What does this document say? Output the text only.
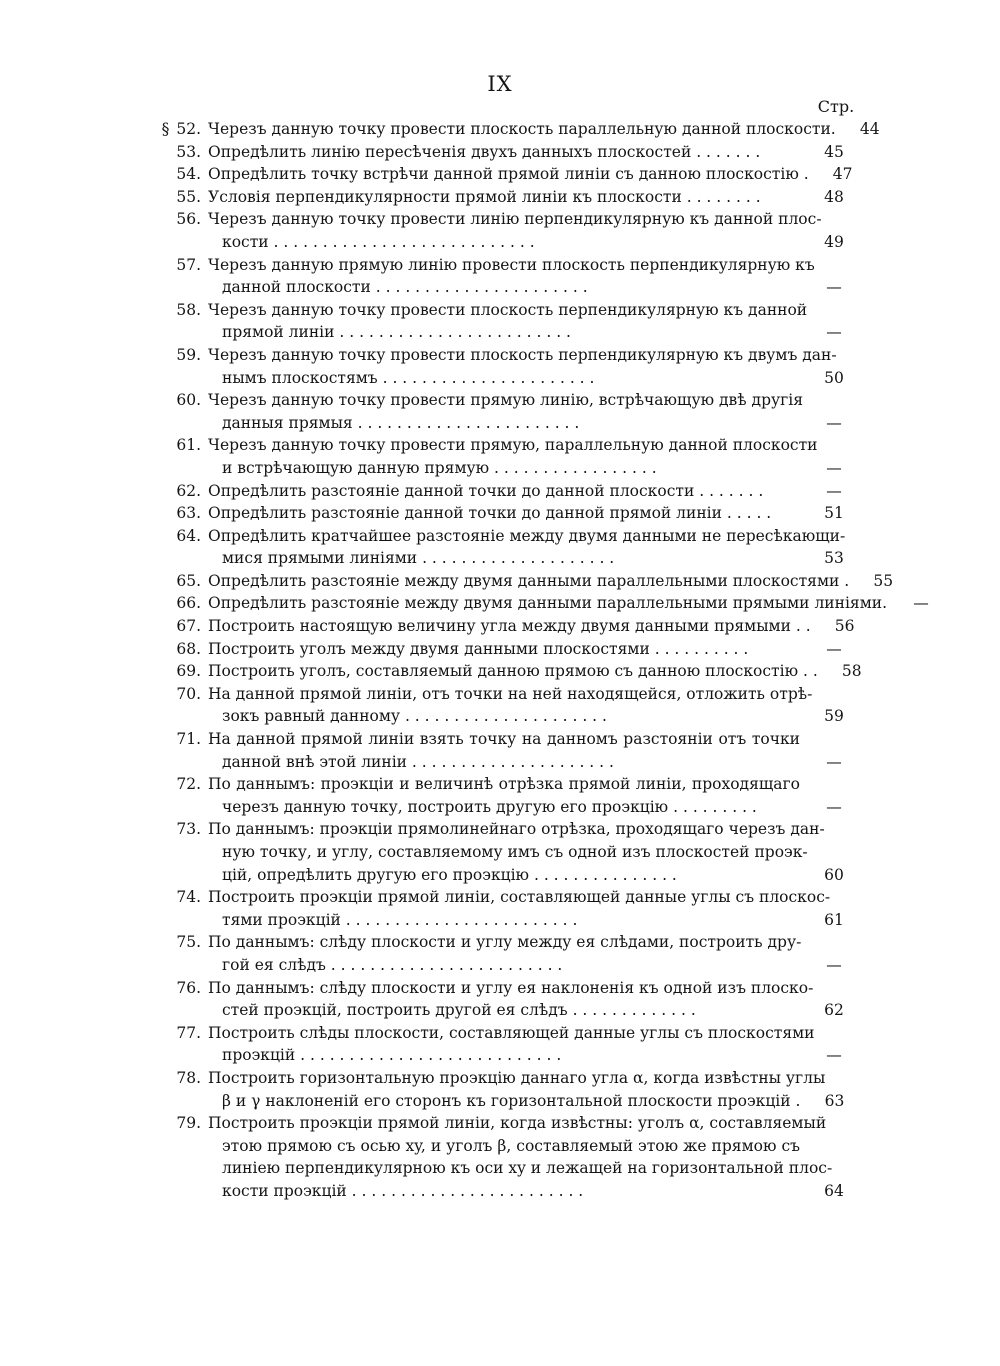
IX
Стр.
§ 52. Черезъ данную точку провести плоскость параллельную данной плоскости.	44
53. Опредѣлить линію пересѣченія двухъ данныхъ плоскостей . . . . . . .	45
54. Опредѣлить точку встрѣчи данной прямой линіи съ данною плоскостію .	47
55. Условія перпендикулярности прямой линіи къ плоскости . . . . . . . .	48
56. Черезъ данную точку провести линію перпендикулярную къ данной плос-
кости . . . . . . . . . . . . . . . . . . . . . . . . . . .	49
57. Черезъ данную прямую линію провести плоскость перпендикулярную къ
данной плоскости . . . . . . . . . . . . . . . . . . . . . .	—
58. Черезъ данную точку провести плоскость перпендикулярную къ данной
прямой линіи . . . . . . . . . . . . . . . . . . . . . . . .	—
59. Черезъ данную точку провести плоскость перпендикулярную къ двумъ дан-
нымъ плоскостямъ . . . . . . . . . . . . . . . . . . . . . .	50
60. Черезъ данную точку провести прямую линію, встрѣчающую двѣ другія
данныя прямыя . . . . . . . . . . . . . . . . . . . . . . .	—
61. Черезъ данную точку провести прямую, параллельную данной плоскости
и встрѣчающую данную прямую . . . . . . . . . . . . . . . . .	—
62. Опредѣлить разстояніе данной точки до данной плоскости . . . . . . .	—
63. Опредѣлить разстояніе данной точки до данной прямой линіи . . . . .	51
64. Опредѣлить кратчайшее разстояніе между двумя данными не пересѣкающи-
мися прямыми линіями . . . . . . . . . . . . . . . . . . . .	53
65. Опредѣлить разстояніе между двумя данными параллельными плоскостями .	55
66. Опредѣлить разстояніе между двумя данными параллельными прямыми линіями.	—
67. Построить настоящую величину угла между двумя данными прямыми . .	56
68. Построить уголъ между двумя данными плоскостями . . . . . . . . . .	—
69. Построить уголъ, составляемый данною прямою съ данною плоскостію . .	58
70. На данной прямой линіи, отъ точки на ней находящейся, отложить отрѣ-
зокъ равный данному . . . . . . . . . . . . . . . . . . . . .	59
71. На данной прямой линіи взять точку на данномъ разстояніи отъ точки
данной внѣ этой линіи . . . . . . . . . . . . . . . . . . . . .	—
72. По даннымъ: проэкціи и величинѣ отрѣзка прямой линіи, проходящаго
черезъ данную точку, построить другую его проэкцію . . . . . . . . .	—
73. По даннымъ: проэкціи прямолинейнаго отрѣзка, проходящаго черезъ дан-
ную точку, и углу, составляемому имъ съ одной изъ плоскостей проэк-
цій, опредѣлить другую его проэкцію . . . . . . . . . . . . . . .	60
74. Построить проэкціи прямой линіи, составляющей данные углы съ плоскос-
тями проэкцій . . . . . . . . . . . . . . . . . . . . . . . .	61
75. По даннымъ: слѣду плоскости и углу между ея слѣдами, построить дру-
гой ея слѣдъ . . . . . . . . . . . . . . . . . . . . . . . .	—
76. По даннымъ: слѣду плоскости и углу ея наклоненія къ одной изъ плоско-
стей проэкцій, построить другой ея слѣдъ . . . . . . . . . . . . .	62
77. Построить слѣды плоскости, составляющей данные углы съ плоскостями
проэкцій . . . . . . . . . . . . . . . . . . . . . . . . . . .	—
78. Построить горизонтальную проэкцію даннаго угла α, когда извѣстны углы
β и γ наклоненій его сторонъ къ горизонтальной плоскости проэкцій .	63
79. Построить проэкціи прямой линіи, когда извѣстны: уголъ α, составляемый
этою прямою съ осью xy, и уголъ β, составляемый этою же прямою съ
линіею перпендикулярною къ оси xy и лежащей на горизонтальной плос-
кости проэкцій . . . . . . . . . . . . . . . . . . . . . . . .	64
